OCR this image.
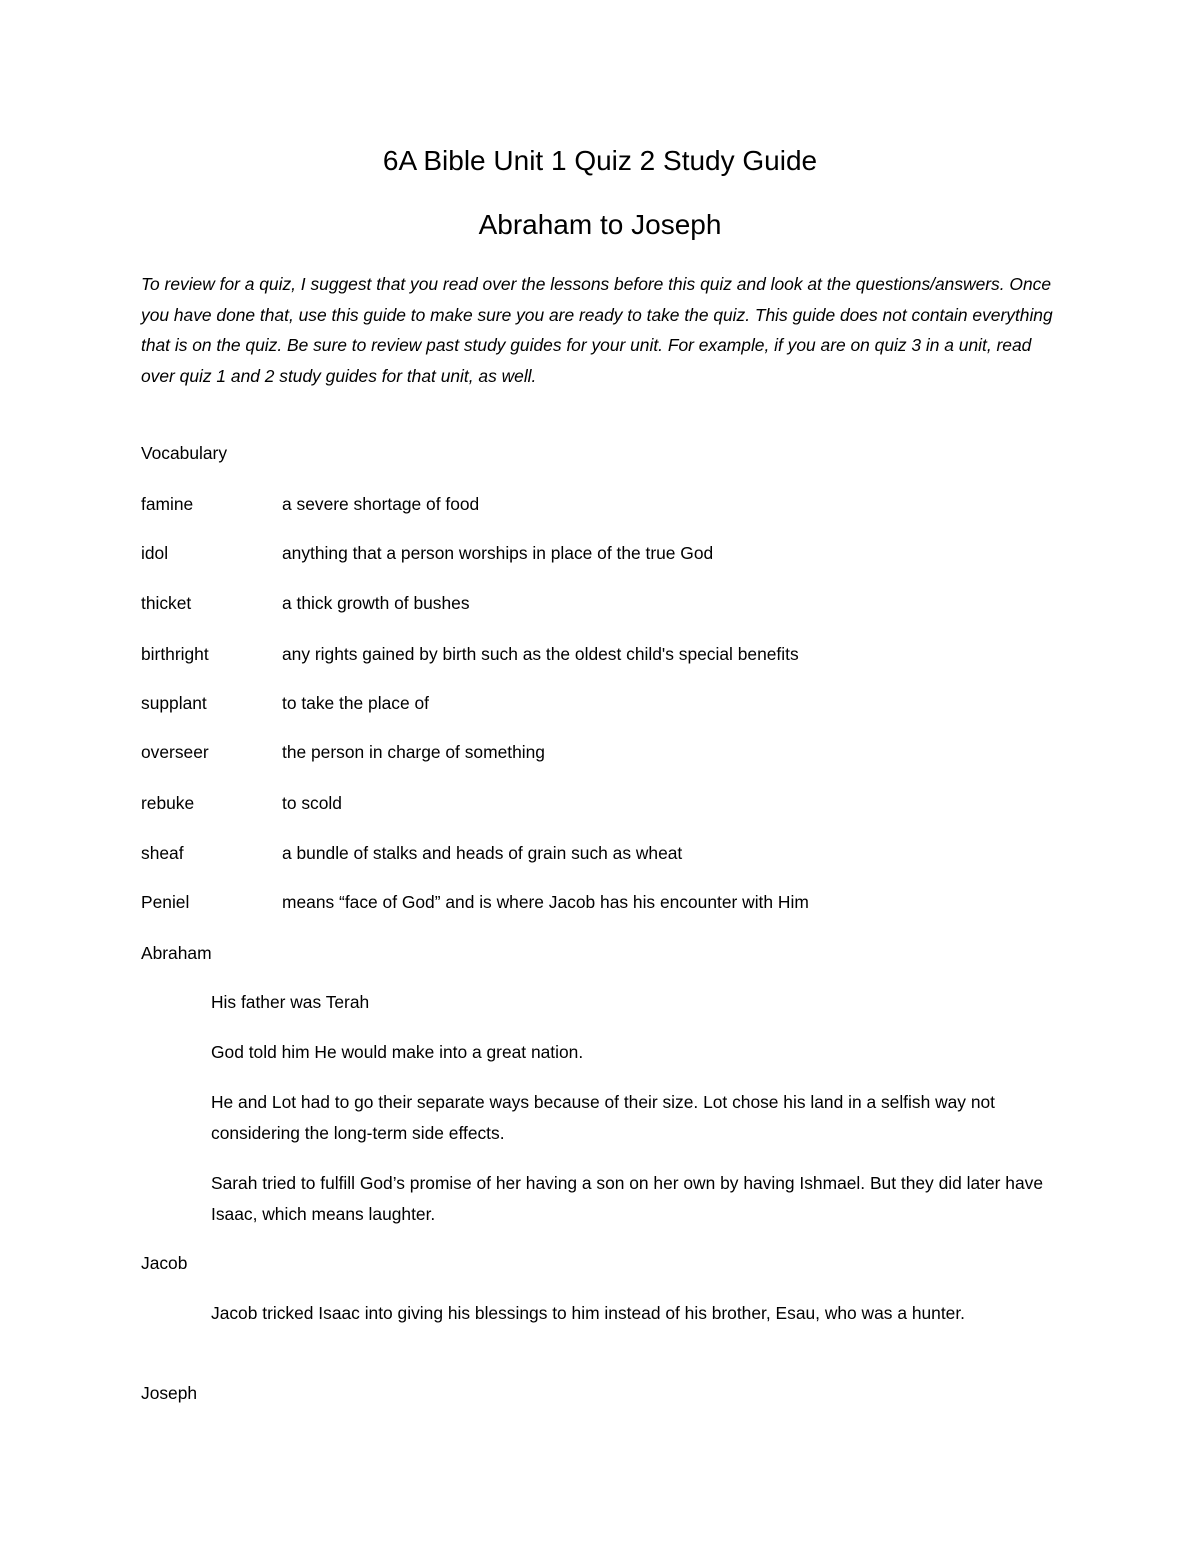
6A Bible Unit 1 Quiz 2 Study Guide
Abraham to Joseph

To review for a quiz, I suggest that you read over the lessons before this quiz and look at the questions/answers. Once you have done that, use this guide to make sure you are ready to take the quiz. This guide does not contain everything that is on the quiz. Be sure to review past study guides for your unit. For example, if you are on quiz 3 in a unit, read over quiz 1 and 2 study guides for that unit, as well.

Vocabulary

famine	a severe shortage of food
idol	anything that a person worships in place of the true God
thicket	a thick growth of bushes
birthright	any rights gained by birth such as the oldest child's special benefits
supplant	to take the place of
overseer	the person in charge of something
rebuke	to scold
sheaf	a bundle of stalks and heads of grain such as wheat
Peniel	means “face of God” and is where Jacob has his encounter with Him

Abraham

His father was Terah

God told him He would make into a great nation.

He and Lot had to go their separate ways because of their size. Lot chose his land in a selfish way not considering the long-term side effects.

Sarah tried to fulfill God’s promise of her having a son on her own by having Ishmael. But they did later have Isaac, which means laughter.

Jacob

Jacob tricked Isaac into giving his blessings to him instead of his brother, Esau, who was a hunter.

Joseph
